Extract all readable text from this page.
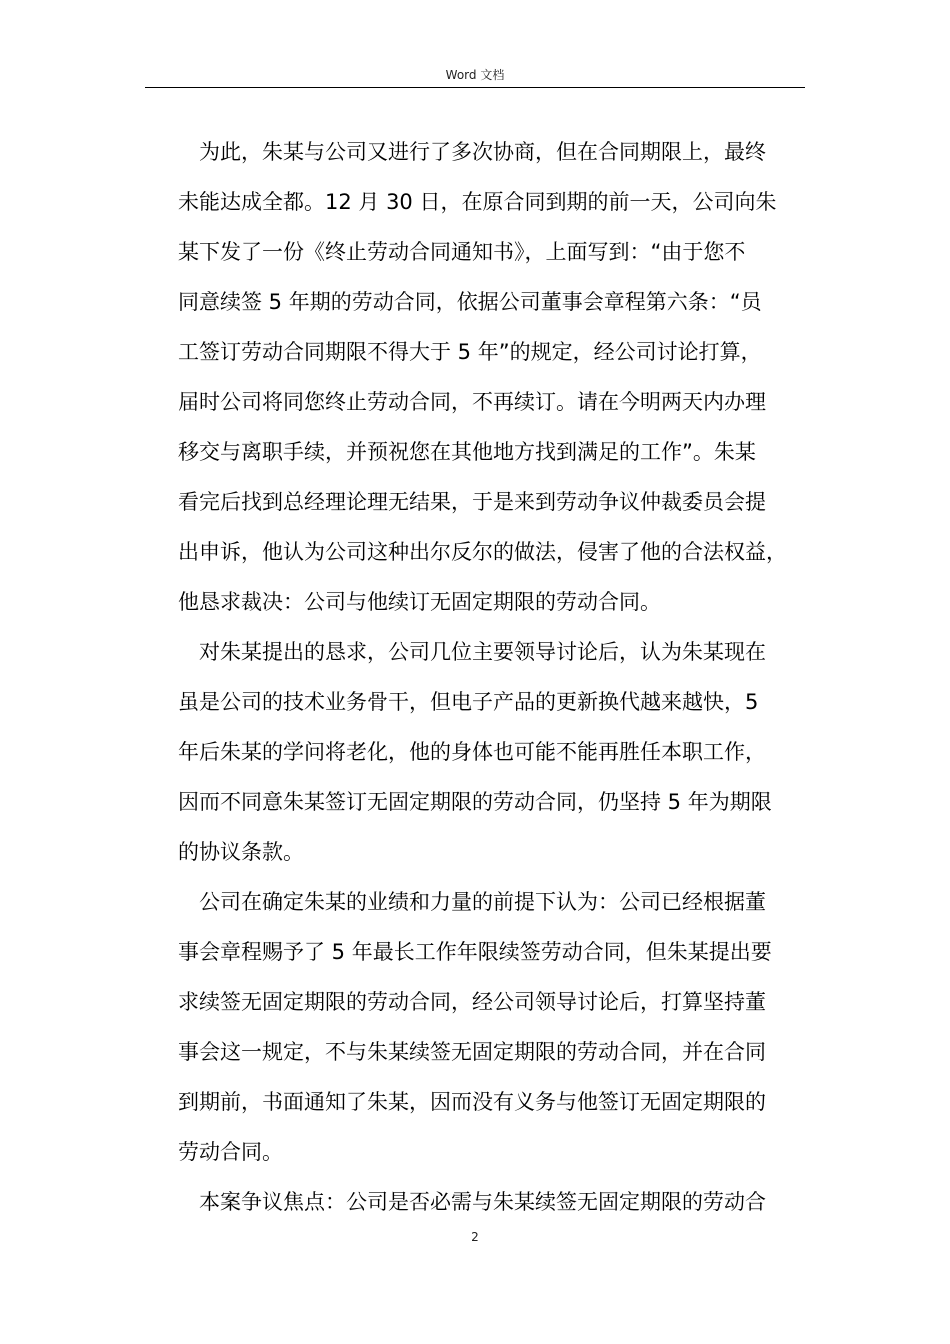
Word 文档
为此，朱某与公司又进行了多次协商，但在合同期限上，最终
未能达成全都。12 月 30 日，在原合同到期的前一天，公司向朱
某下发了一份《终止劳动合同通知书》，上面写到：“由于您不
同意续签 5 年期的劳动合同，依据公司董事会章程第六条：“员
工签订劳动合同期限不得大于 5 年”的规定，经公司讨论打算，
届时公司将同您终止劳动合同，不再续订。请在今明两天内办理
移交与离职手续，并预祝您在其他地方找到满足的工作”。朱某
看完后找到总经理论理无结果，于是来到劳动争议仲裁委员会提
出申诉，他认为公司这种出尔反尔的做法，侵害了他的合法权益，
他恳求裁决：公司与他续订无固定期限的劳动合同。
对朱某提出的恳求，公司几位主要领导讨论后，认为朱某现在
虽是公司的技术业务骨干，但电子产品的更新换代越来越快，5
年后朱某的学问将老化，他的身体也可能不能再胜任本职工作，
因而不同意朱某签订无固定期限的劳动合同，仍坚持 5 年为期限
的协议条款。
公司在确定朱某的业绩和力量的前提下认为：公司已经根据董
事会章程赐予了 5 年最长工作年限续签劳动合同，但朱某提出要
求续签无固定期限的劳动合同，经公司领导讨论后，打算坚持董
事会这一规定，不与朱某续签无固定期限的劳动合同，并在合同
到期前，书面通知了朱某，因而没有义务与他签订无固定期限的
劳动合同。
本案争议焦点：公司是否必需与朱某续签无固定期限的劳动合
2
